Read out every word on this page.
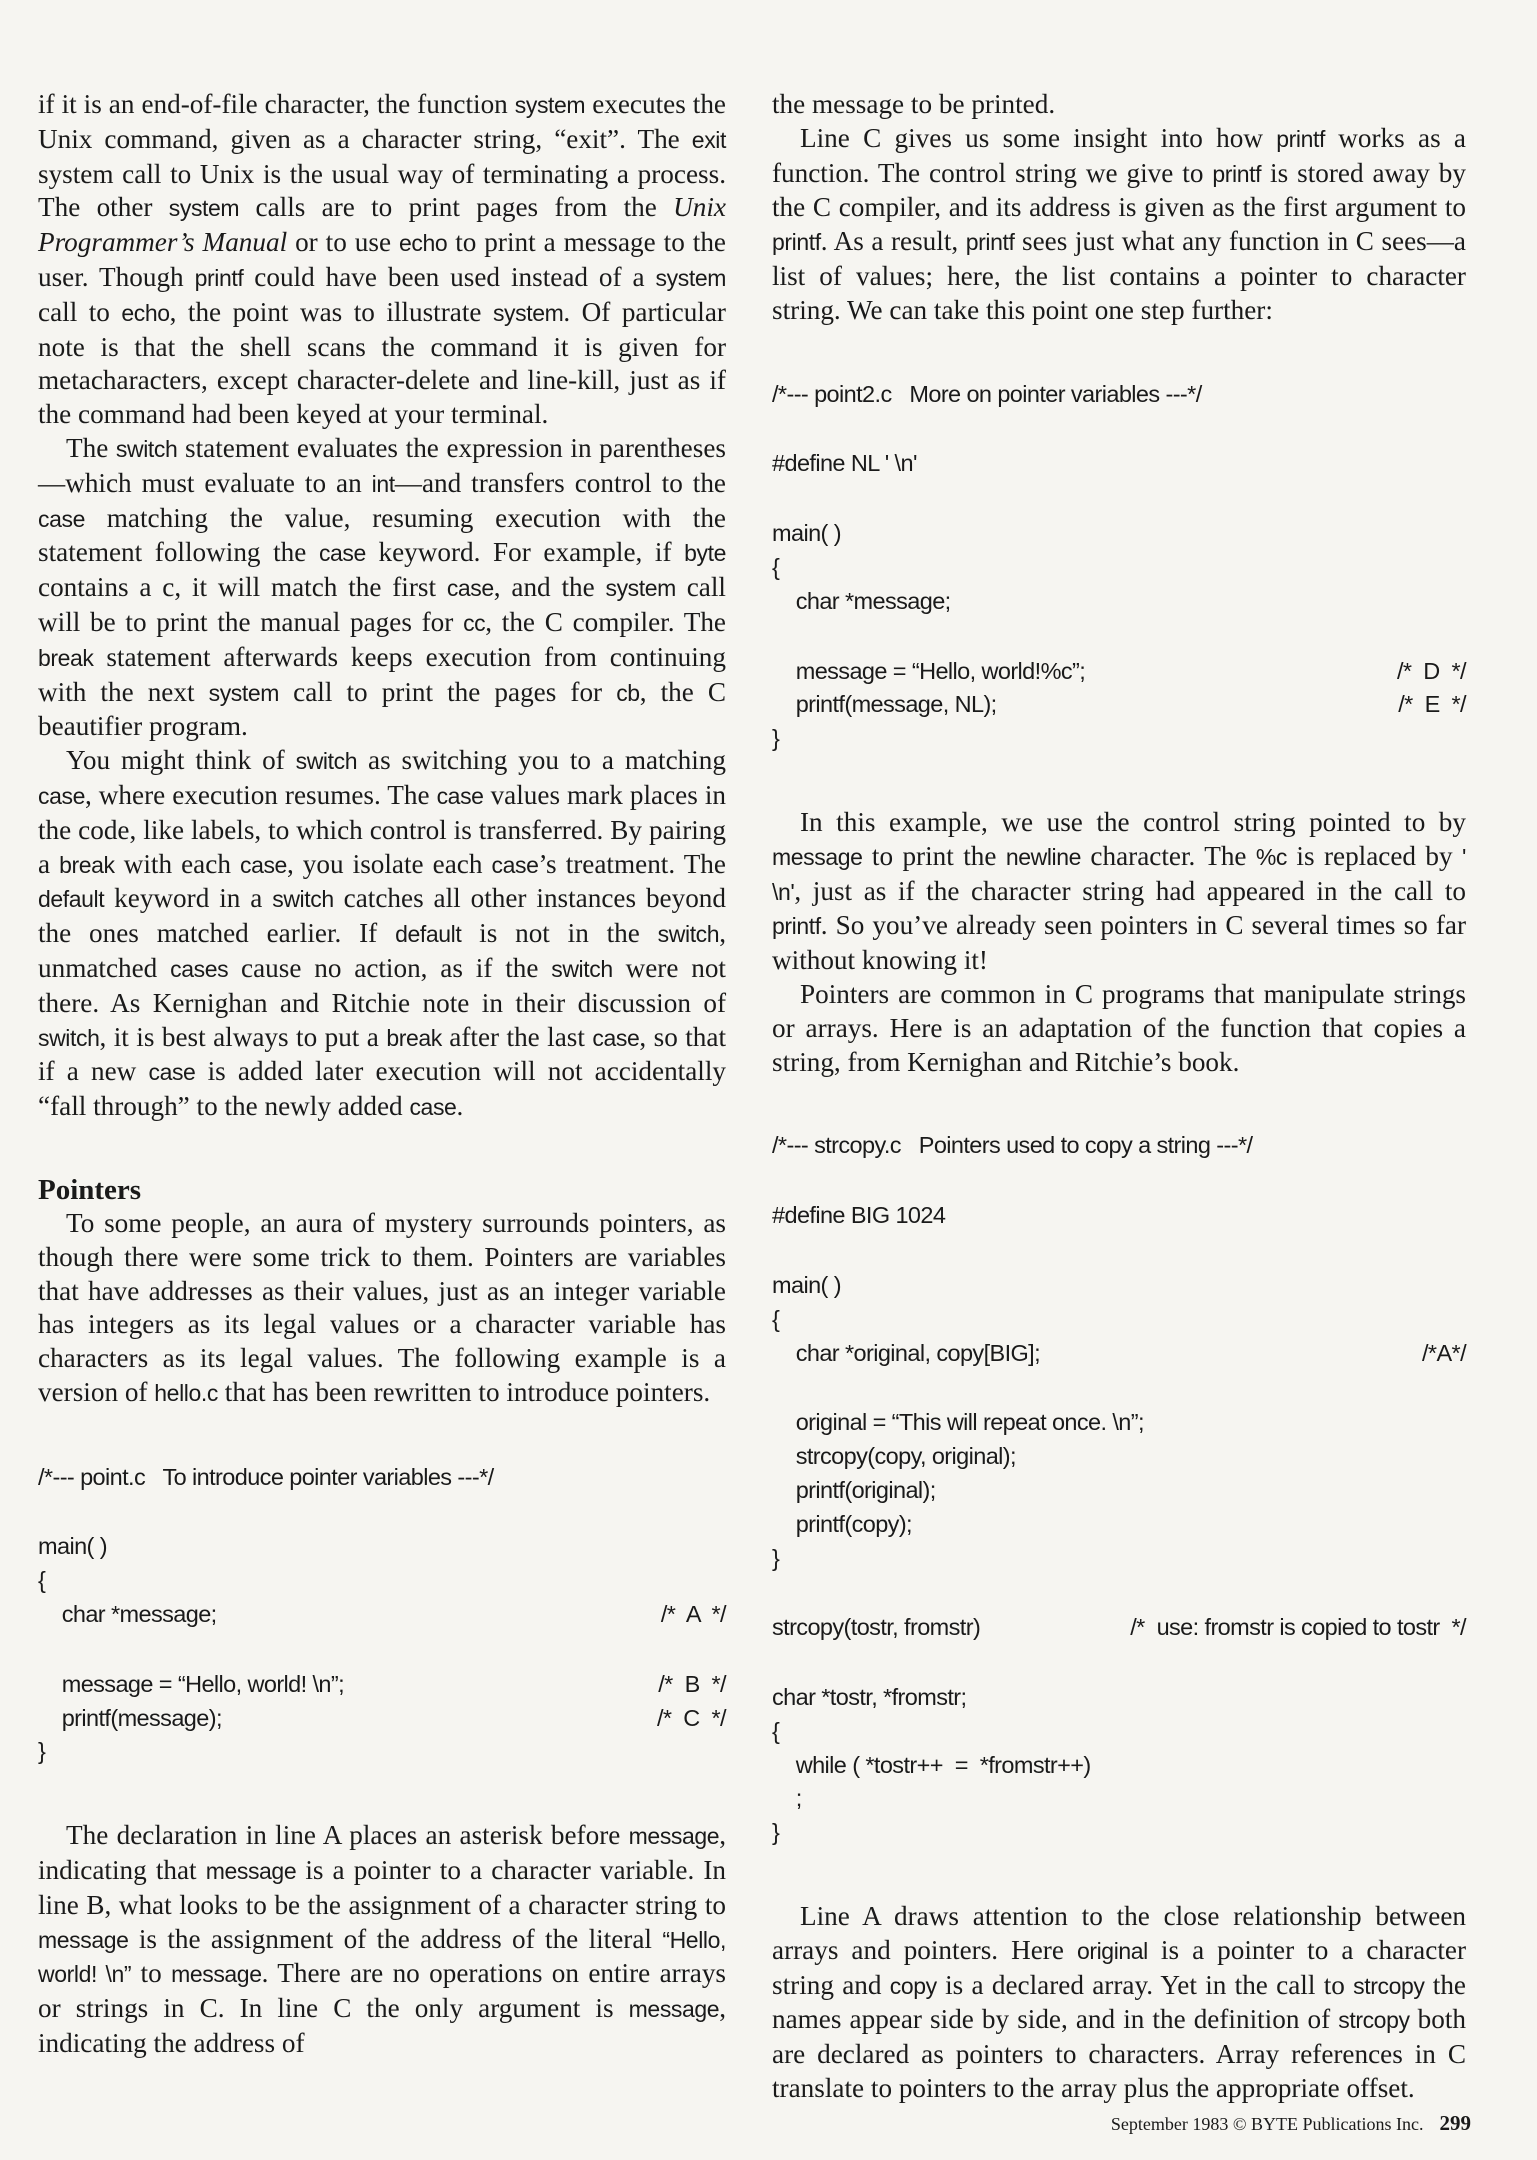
if it is an end-of-file character, the function system executes the Unix command, given as a character string, “exit”. The exit system call to Unix is the usual way of terminating a process. The other system calls are to print pages from the Unix Programmer’s Manual or to use echo to print a message to the user. Though printf could have been used instead of a system call to echo, the point was to illustrate system. Of particular note is that the shell scans the command it is given for metacharacters, except character-delete and line-kill, just as if the command had been keyed at your terminal.

The switch statement evaluates the expression in parentheses—which must evaluate to an int—and transfers control to the case matching the value, resuming execution with the statement following the case keyword. For example, if byte contains a c, it will match the first case, and the system call will be to print the manual pages for cc, the C compiler. The break statement afterwards keeps execution from continuing with the next system call to print the pages for cb, the C beautifier program.

You might think of switch as switching you to a matching case, where execution resumes. The case values mark places in the code, like labels, to which control is transferred. By pairing a break with each case, you isolate each case’s treatment. The default keyword in a switch catches all other instances beyond the ones matched earlier. If default is not in the switch, unmatched cases cause no action, as if the switch were not there. As Kernighan and Ritchie note in their discussion of switch, it is best always to put a break after the last case, so that if a new case is added later execution will not accidentally “fall through” to the newly added case.

Pointers

To some people, an aura of mystery surrounds pointers, as though there were some trick to them. Pointers are variables that have addresses as their values, just as an integer variable has integers as its legal values or a character variable has characters as its legal values. The following example is a version of hello.c that has been rewritten to introduce pointers.

/*--- point.c   To introduce pointer variables ---*/
main( )
{
char *message;	/*  A  */
message = “Hello, world! \n”;	/*  B  */
printf(message);	/*  C  */
}

The declaration in line A places an asterisk before message, indicating that message is a pointer to a character variable. In line B, what looks to be the assignment of a character string to message is the assignment of the address of the literal “Hello, world! \n” to message. There are no operations on entire arrays or strings in C. In line C the only argument is message, indicating the address of

the message to be printed.

Line C gives us some insight into how printf works as a function. The control string we give to printf is stored away by the C compiler, and its address is given as the first argument to printf. As a result, printf sees just what any function in C sees—a list of values; here, the list contains a pointer to character string. We can take this point one step further:

/*--- point2.c   More on pointer variables ---*/
#define NL ' \n'
main( )
{
char *message;
message = “Hello, world!%c”;	/*  D  */
printf(message, NL);	/*  E  */
}

In this example, we use the control string pointed to by message to print the newline character. The %c is replaced by ' \n', just as if the character string had appeared in the call to printf. So you’ve already seen pointers in C several times so far without knowing it!

Pointers are common in C programs that manipulate strings or arrays. Here is an adaptation of the function that copies a string, from Kernighan and Ritchie’s book.

/*--- strcopy.c   Pointers used to copy a string ---*/
#define BIG 1024
main( )
{
char *original, copy[BIG];	/*A*/
original = “This will repeat once. \n”;
strcopy(copy, original);
printf(original);
printf(copy);
}
strcopy(tostr, fromstr)	/*  use: fromstr is copied to tostr  */
char *tostr, *fromstr;
{
while ( *tostr++  =  *fromstr++)
;
}

Line A draws attention to the close relationship between arrays and pointers. Here original is a pointer to a character string and copy is a declared array. Yet in the call to strcopy the names appear side by side, and in the definition of strcopy both are declared as pointers to characters. Array references in C translate to pointers to the array plus the appropriate offset.

September 1983 © BYTE Publications Inc. 299
